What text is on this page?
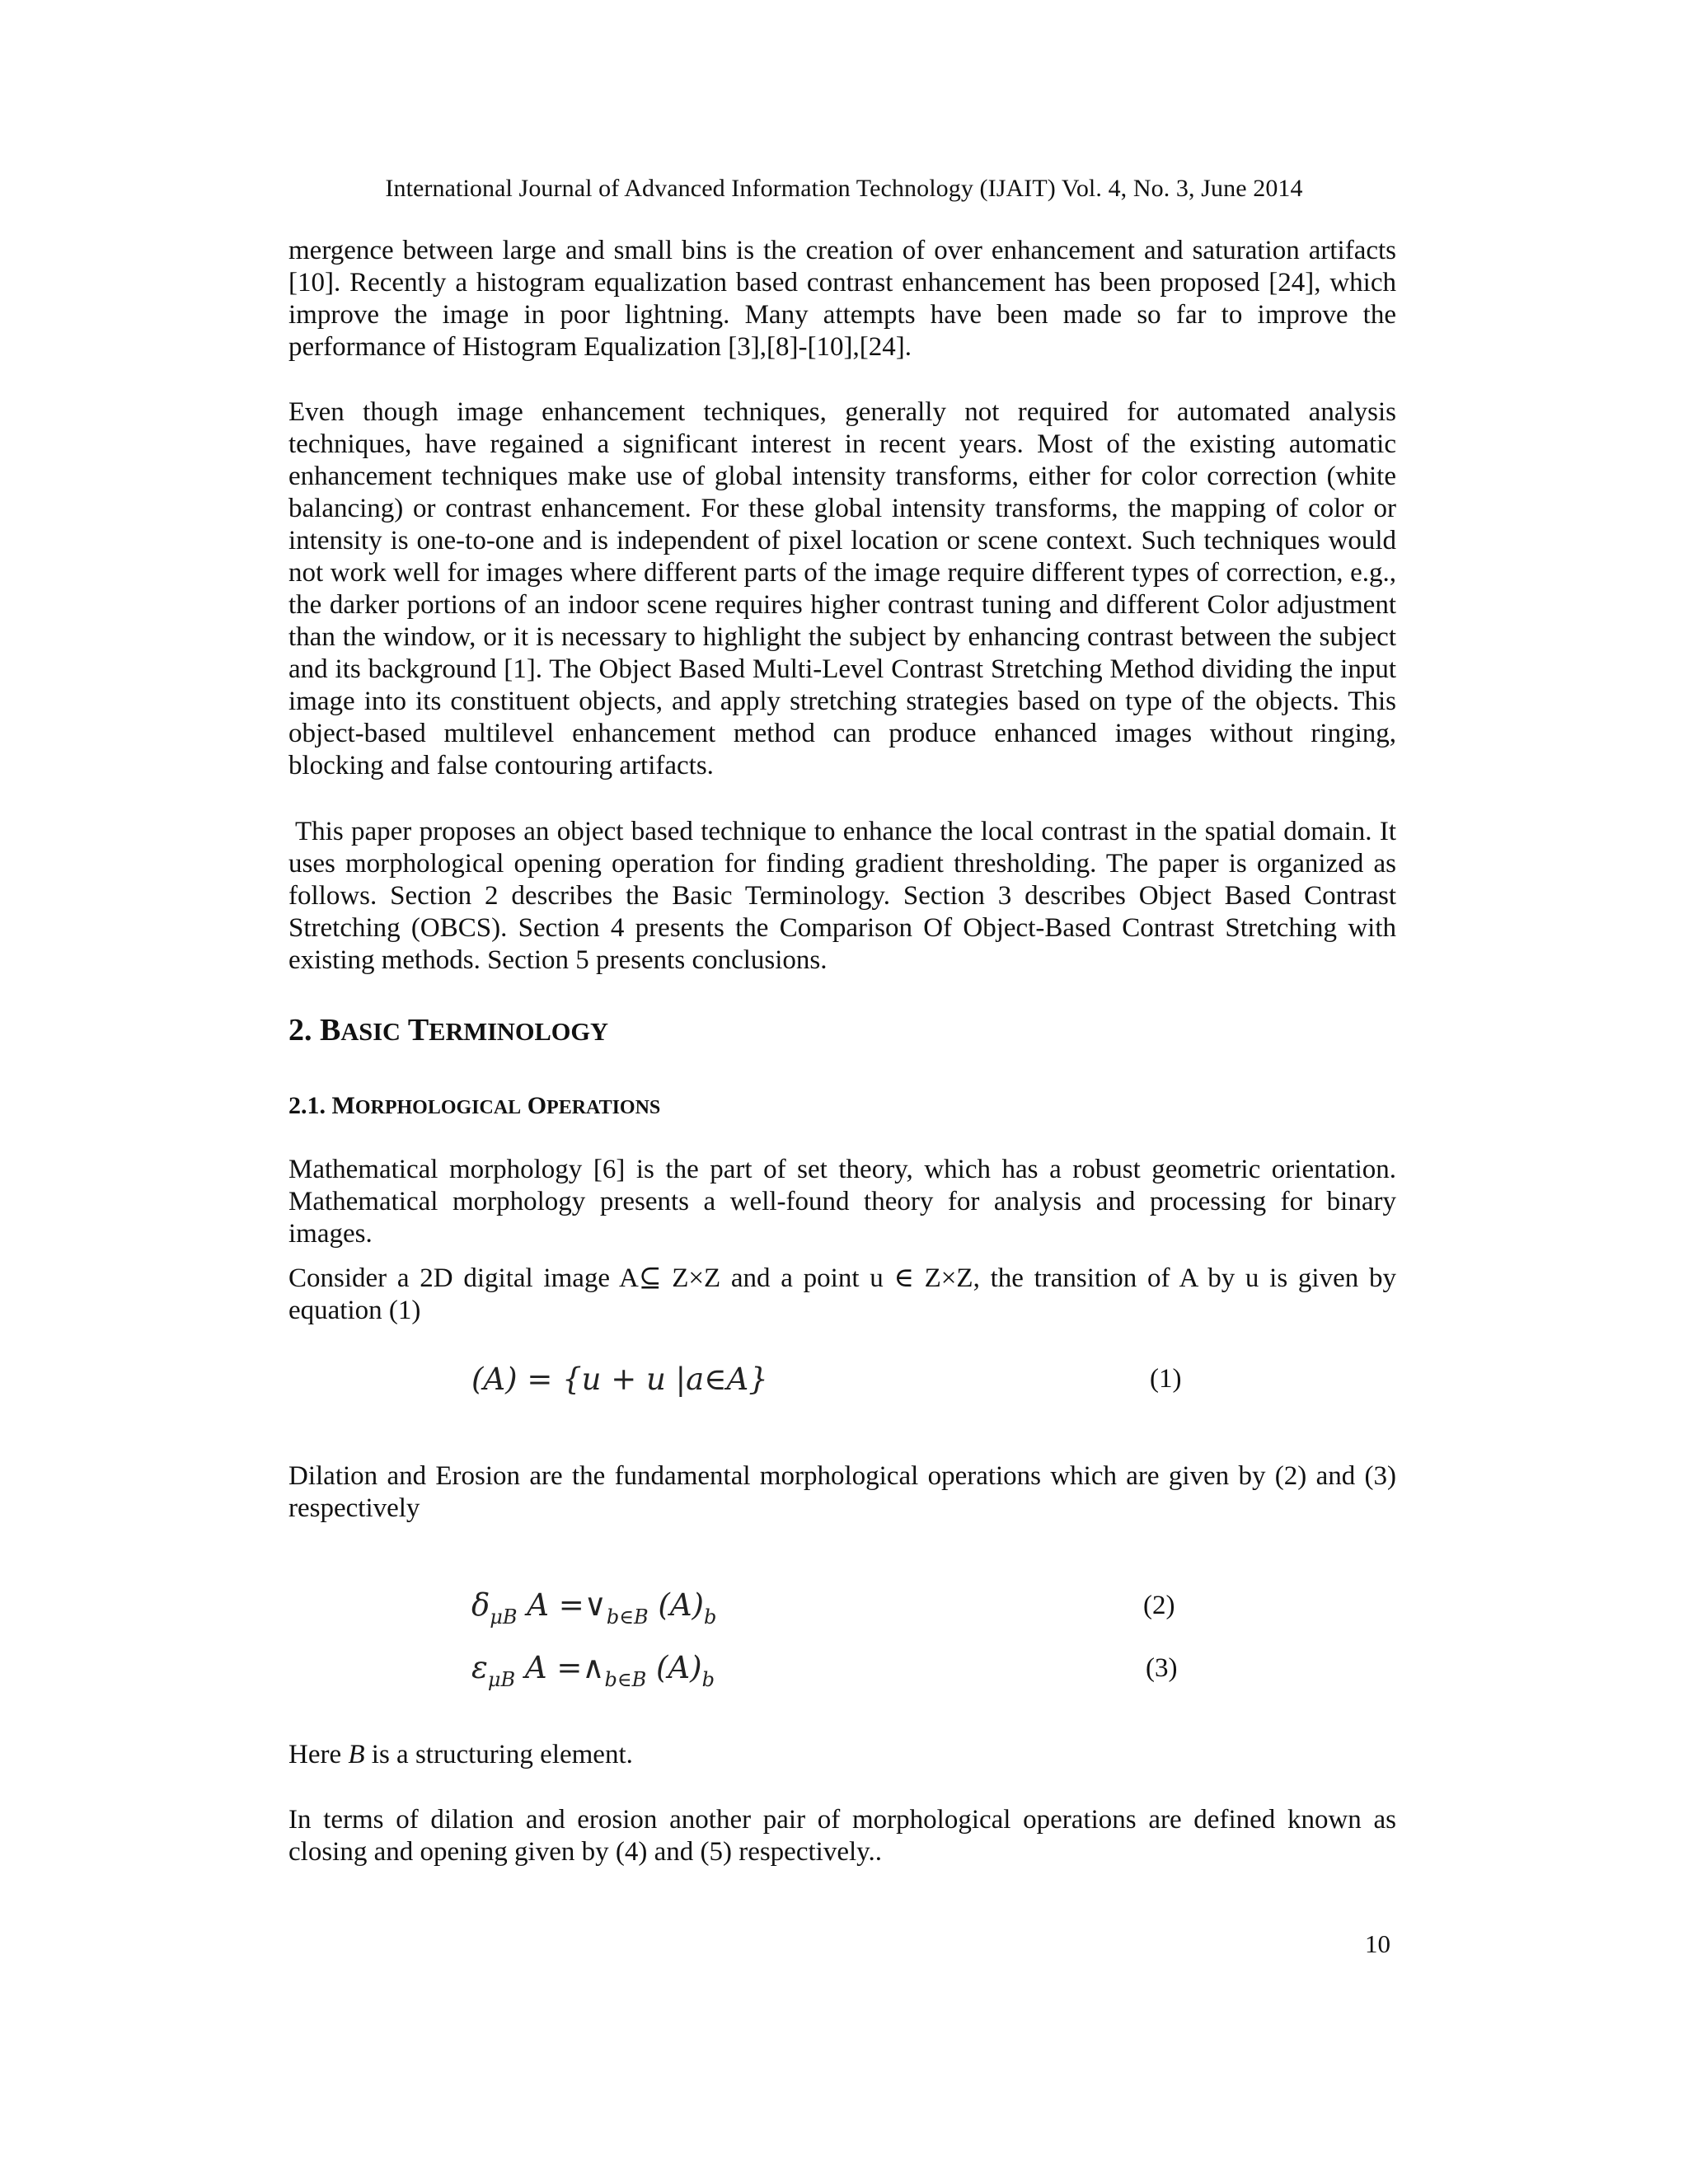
International Journal of Advanced Information Technology (IJAIT) Vol. 4, No. 3, June 2014

mergence between large and small bins is the creation of over enhancement and saturation artifacts [10]. Recently a histogram equalization based contrast enhancement has been proposed [24], which improve the image in poor lightning. Many attempts have been made so far to improve the performance of Histogram Equalization [3],[8]-[10],[24].

Even though image enhancement techniques, generally not required for automated analysis techniques, have regained a significant interest in recent years. Most of the existing automatic enhancement techniques make use of global intensity transforms, either for color correction (white balancing) or contrast enhancement. For these global intensity transforms, the mapping of color or intensity is one-to-one and is independent of pixel location or scene context. Such techniques would not work well for images where different parts of the image require different types of correction, e.g., the darker portions of an indoor scene requires higher contrast tuning and different Color adjustment than the window, or it is necessary to highlight the subject by enhancing contrast between the subject and its background [1]. The Object Based Multi-Level Contrast Stretching Method dividing the input image into its constituent objects, and apply stretching strategies based on type of the objects. This object-based multilevel enhancement method can produce enhanced images without ringing, blocking and false contouring artifacts.

This paper proposes an object based technique to enhance the local contrast in the spatial domain. It uses morphological opening operation for finding gradient thresholding. The paper is organized as follows. Section 2 describes the Basic Terminology. Section 3 describes Object Based Contrast Stretching (OBCS). Section 4 presents the Comparison Of Object-Based Contrast Stretching with existing methods. Section 5 presents conclusions.

2. BASIC TERMINOLOGY
2.1. MORPHOLOGICAL OPERATIONS

Mathematical morphology [6] is the part of set theory, which has a robust geometric orientation. Mathematical morphology presents a well-found theory for analysis and processing for binary images.

Consider a 2D digital image A⊆ Z×Z and a point u ∈ Z×Z, the transition of A by u is given by equation (1)

(A) = {u + u |a∈A}	(1)

Dilation and Erosion are the fundamental morphological operations which are given by (2) and (3) respectively

$\delta_{\mu B}$ $A =\vee_{b\in B}$ $(A)_b$	(2)
$\varepsilon_{\mu B}$ $A =\wedge_{b\in B}$ $(A)_b$	(3)

Here B is a structuring element.

In terms of dilation and erosion another pair of morphological operations are defined known as closing and opening given by (4) and (5) respectively..

10
